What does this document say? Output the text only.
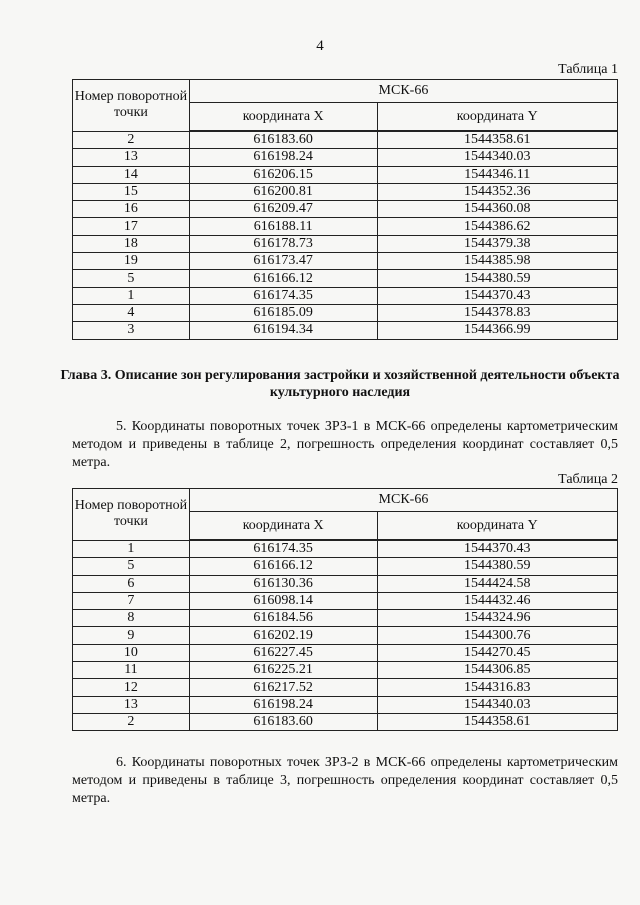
4
Таблица 1
Номер поворотной точки	МСК-66	
	координата X	координата Y
2	616183.60	1544358.61
13	616198.24	1544340.03
14	616206.15	1544346.11
15	616200.81	1544352.36
16	616209.47	1544360.08
17	616188.11	1544386.62
18	616178.73	1544379.38
19	616173.47	1544385.98
5	616166.12	1544380.59
1	616174.35	1544370.43
4	616185.09	1544378.83
3	616194.34	1544366.99
Глава 3. Описание зон регулирования застройки и хозяйственной деятельности объекта культурного наследия
5. Координаты поворотных точек ЗРЗ-1 в МСК-66 определены картометрическим методом и приведены в таблице 2, погрешность определения координат составляет 0,5 метра.
Таблица 2
Номер поворотной точки	МСК-66	
	координата X	координата Y
1	616174.35	1544370.43
5	616166.12	1544380.59
6	616130.36	1544424.58
7	616098.14	1544432.46
8	616184.56	1544324.96
9	616202.19	1544300.76
10	616227.45	1544270.45
11	616225.21	1544306.85
12	616217.52	1544316.83
13	616198.24	1544340.03
2	616183.60	1544358.61
6. Координаты поворотных точек ЗРЗ-2 в МСК-66 определены картометрическим методом и приведены в таблице 3, погрешность определения координат составляет 0,5 метра.
